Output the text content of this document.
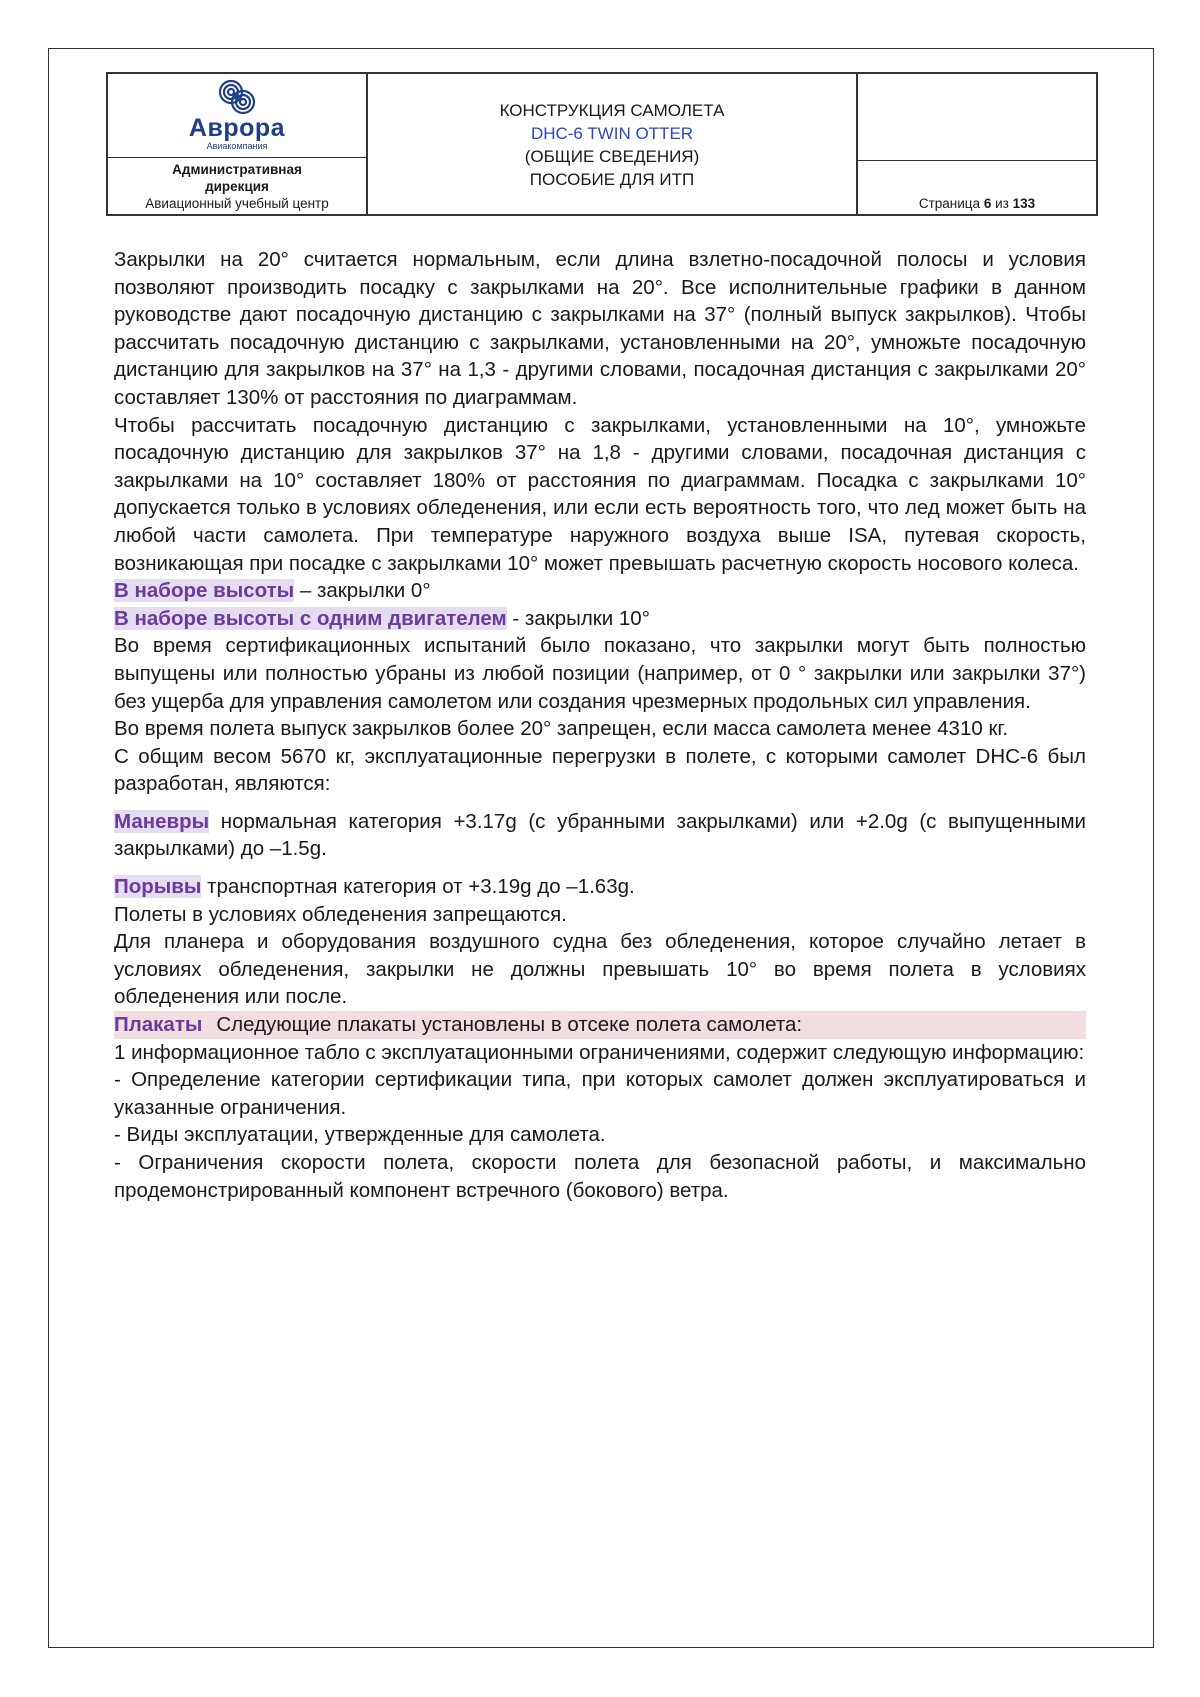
Аврора
Авиакомпания
Административная
дирекция
Авиационный учебный центр
КОНСТРУКЦИЯ САМОЛЕТА
DHC-6 TWIN OTTER
(ОБЩИЕ СВЕДЕНИЯ)
ПОСОБИЕ ДЛЯ ИТП
Страница
6
из
133

Закрылки на 20° считается нормальным, если длина взлетно-посадочной полосы и условия позволяют производить посадку с закрылками на 20°. Все исполнительные графики в данном руководстве дают посадочную дистанцию с закрылками на 37° (полный выпуск закрылков). Чтобы рассчитать посадочную дистанцию с закрылками, установленными на 20°, умножьте посадочную дистанцию для закрылков на 37° на 1,3 - другими словами, посадочная дистанция с закрылками 20° составляет 130% от расстояния по диаграммам.

Чтобы рассчитать посадочную дистанцию с закрылками, установленными на 10°, умножьте посадочную дистанцию для закрылков 37° на 1,8 - другими словами, посадочная дистанция с закрылками на 10° составляет 180% от расстояния по диаграммам. Посадка с закрылками 10° допускается только в условиях обледенения, или если есть вероятность того, что лед может быть на любой части самолета. При температуре наружного воздуха выше ISA, путевая скорость, возникающая при посадке с закрылками 10° может превышать расчетную скорость носового колеса.

В наборе высоты – закрылки 0°

В наборе высоты с одним двигателем - закрылки 10°

Во время сертификационных испытаний было показано, что закрылки могут быть полностью выпущены или полностью убраны из любой позиции (например, от 0 ° закрылки или закрылки 37°) без ущерба для управления самолетом или создания чрезмерных продольных сил управления.

Во время полета выпуск закрылков более 20° запрещен, если масса самолета менее 4310 кг.

С общим весом 5670 кг, эксплуатационные перегрузки в полете, с которыми самолет DHC-6 был разработан, являются:

Маневры нормальная категория +3.17g (с убранными закрылками) или +2.0g (с выпущенными закрылками) до –1.5g.

Порывы транспортная категория от +3.19g до –1.63g.

Полеты в условиях обледенения запрещаются.

Для планера и оборудования воздушного судна без обледенения, которое случайно летает в условиях обледенения, закрылки не должны превышать 10° во время полета в условиях обледенения или после.

Плакаты Следующие плакаты установлены в отсеке полета самолета:

1 информационное табло с эксплуатационными ограничениями, содержит следующую информацию:

- Определение категории сертификации типа, при которых самолет должен эксплуатироваться и указанные ограничения.

- Виды эксплуатации, утвержденные для самолета.

- Ограничения скорости полета, скорости полета для безопасной работы, и максимально продемонстрированный компонент встречного (бокового) ветра.
